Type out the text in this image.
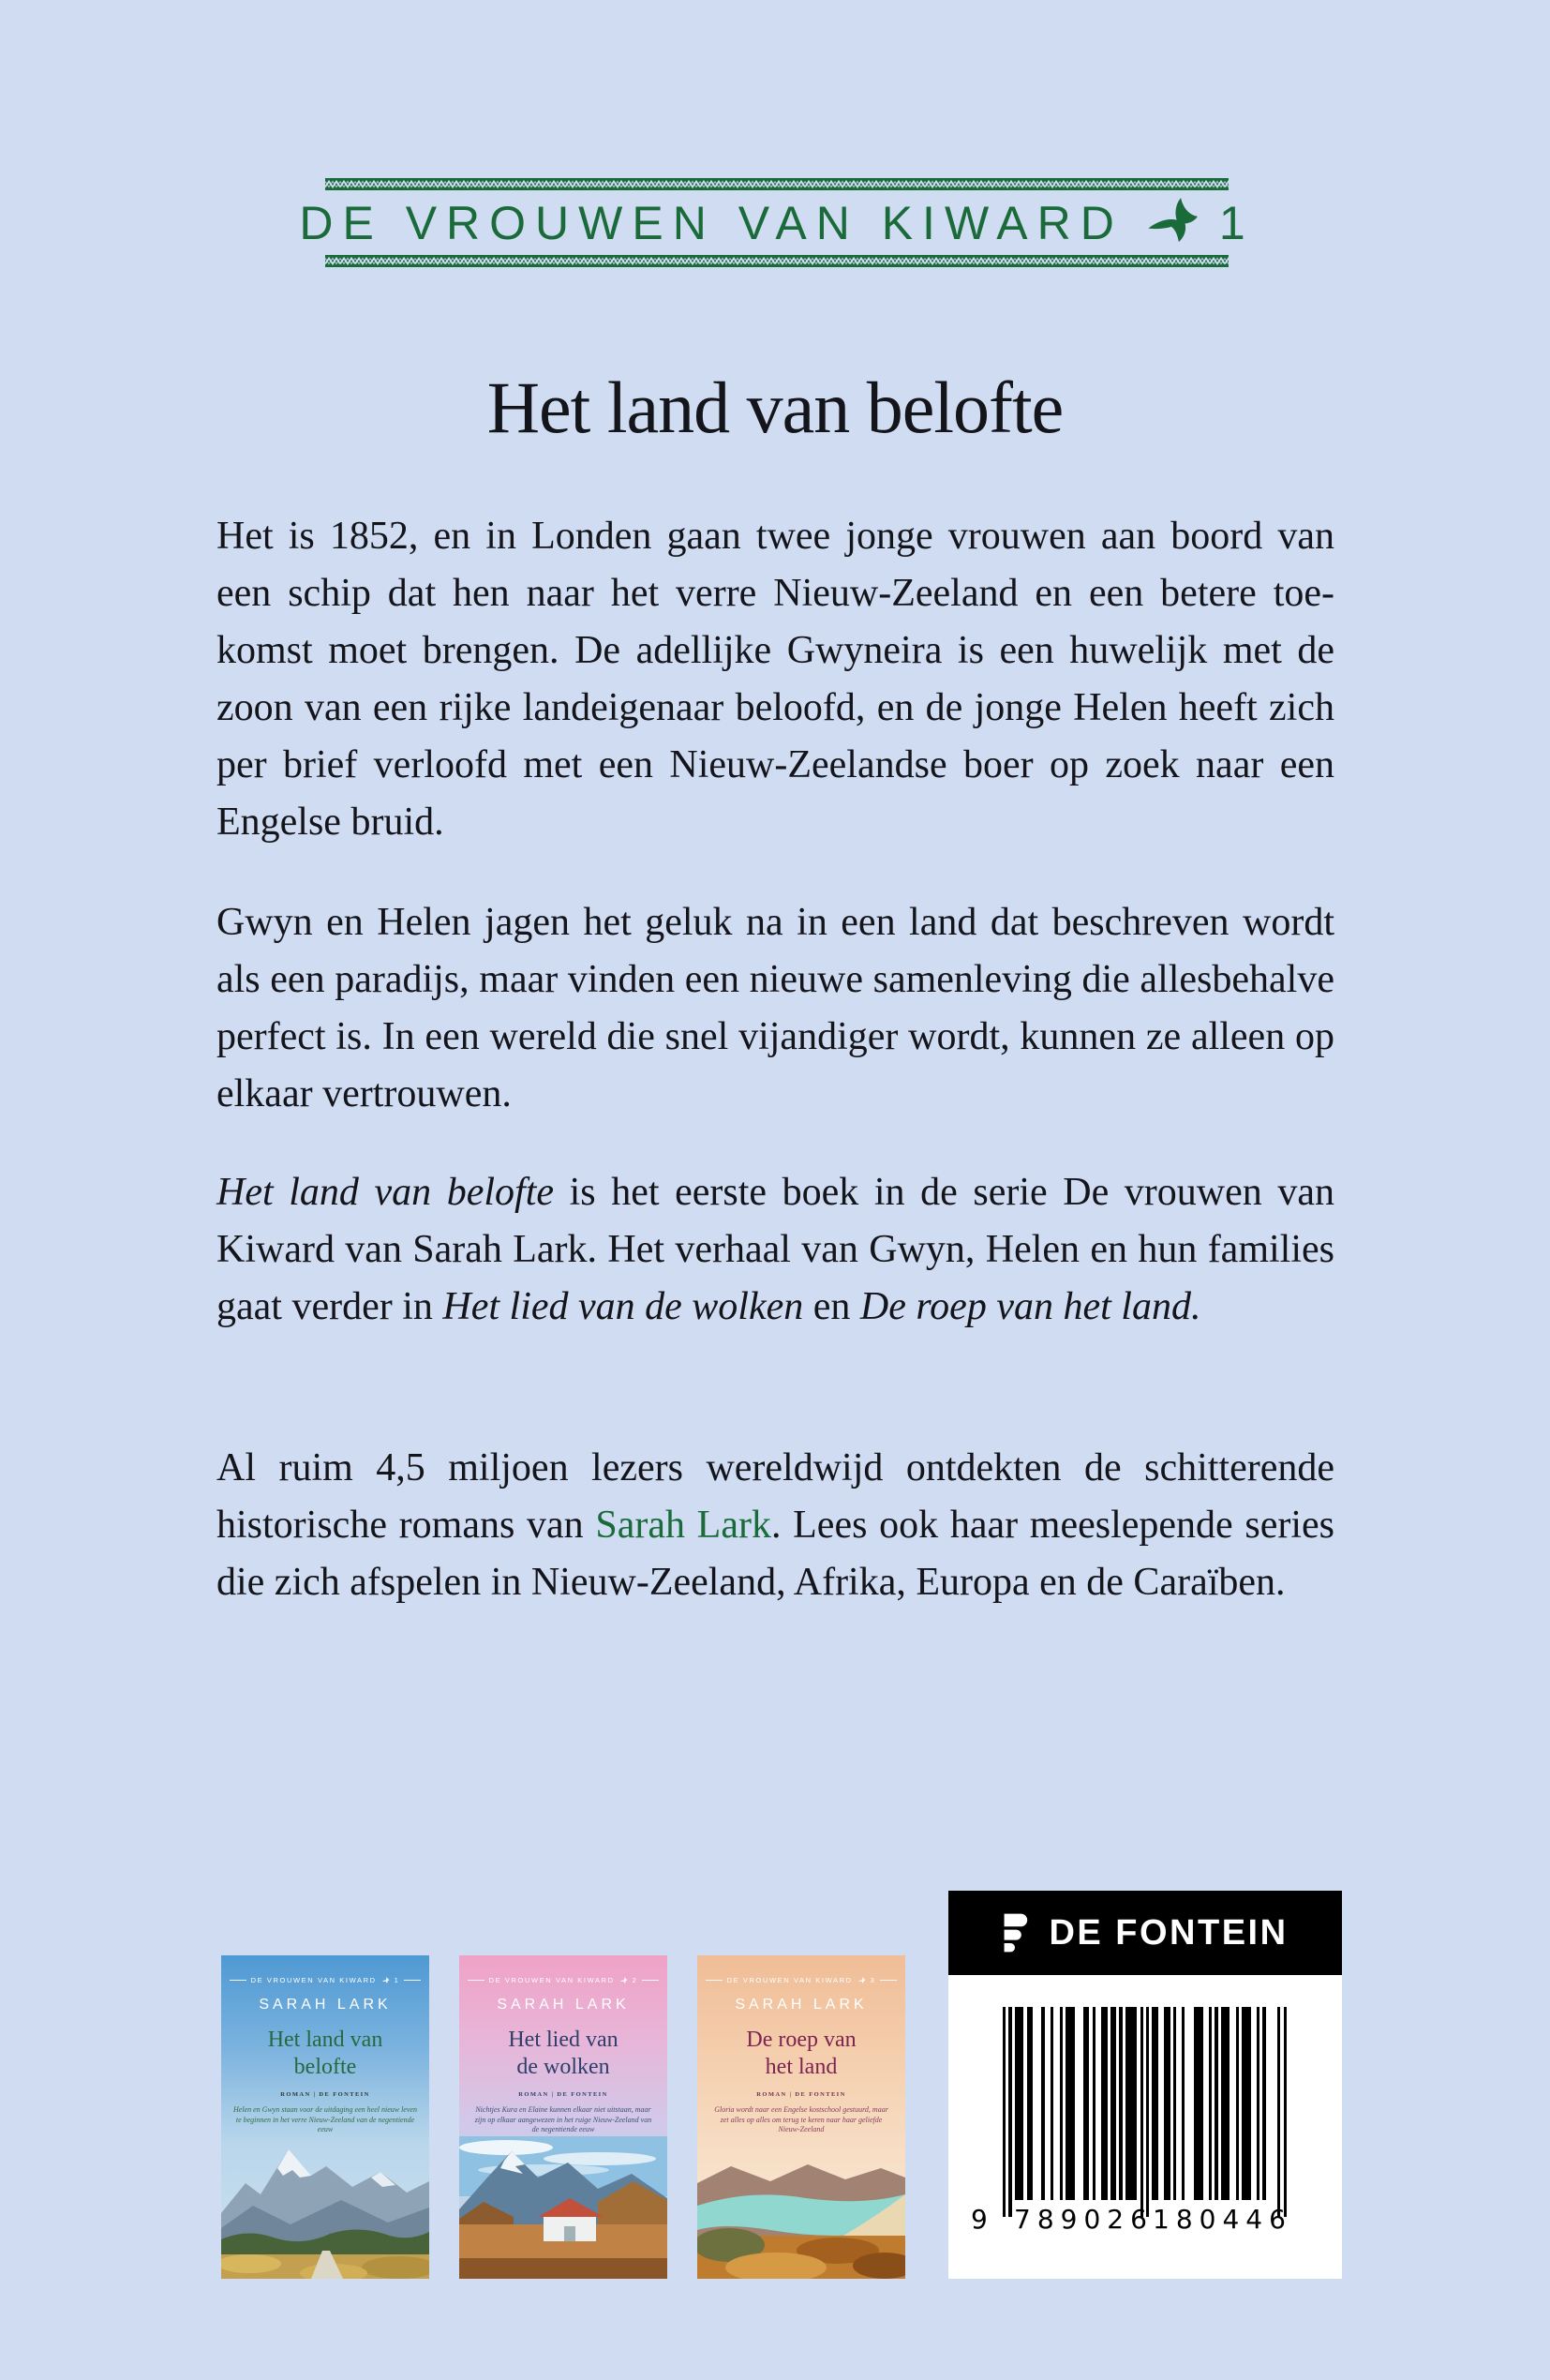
DE VROUWEN VAN KIWARD 1
Het land van belofte

Het is 1852, en in Londen gaan twee jonge vrouwen aan boord van een schip dat hen naar het verre Nieuw-Zeeland en een betere toekomst moet brengen. De adellijke Gwyneira is een huwelijk met de zoon van een rijke landeigenaar beloofd, en de jonge Helen heeft zich per brief verloofd met een Nieuw-Zeelandse boer op zoek naar een Engelse bruid.

Gwyn en Helen jagen het geluk na in een land dat beschreven wordt als een paradijs, maar vinden een nieuwe samenleving die allesbehalve perfect is. In een wereld die snel vijandiger wordt, kunnen ze alleen op elkaar vertrouwen.

Het land van belofte is het eerste boek in de serie De vrouwen van Kiward van Sarah Lark. Het verhaal van Gwyn, Helen en hun families gaat verder in Het lied van de wolken en De roep van het land.

Al ruim 4,5 miljoen lezers wereldwijd ontdekten de schitterende historische romans van Sarah Lark. Lees ook haar meeslepende series die zich afspelen in Nieuw-Zeeland, Afrika, Europa en de Caraïben.

DE VROUWEN VAN KIWARD	1
SARAH LARK
Het land van
belofte
ROMAN | DE FONTEIN
Helen en Gwyn staan voor de uitdaging een heel nieuw leven te beginnen in het verre Nieuw-Zeeland van de negentiende eeuw
DE VROUWEN VAN KIWARD	2
SARAH LARK
Het lied van
de wolken
ROMAN | DE FONTEIN
Nichtjes Kura en Elaine kunnen elkaar niet uitstaan, maar zijn op elkaar aangewezen in het ruige Nieuw-Zeeland van de negentiende eeuw
DE VROUWEN VAN KIWARD	3
SARAH LARK
De roep van
het land
ROMAN | DE FONTEIN
Gloria wordt naar een Engelse kostschool gestuurd, maar zet alles op alles om terug te keren naar haar geliefde Nieuw-Zeeland
DE FONTEIN
9 789026 180446
